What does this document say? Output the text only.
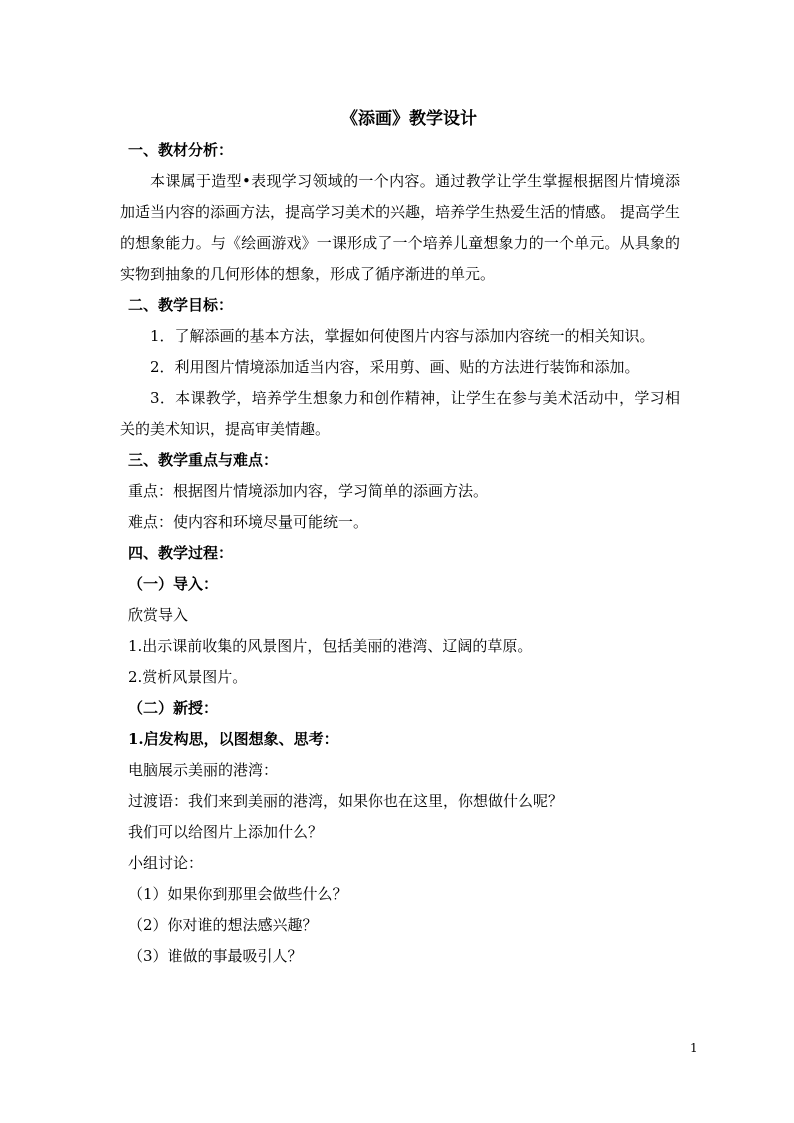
《添画》教学设计
一、教材分析：
本课属于造型•表现学习领域的一个内容。通过教学让学生掌握根据图片情境添加适当内容的添画方法，提高学习美术的兴趣，培养学生热爱生活的情感。 提高学生的想象能力。与《绘画游戏》一课形成了一个培养儿童想象力的一个单元。从具象的实物到抽象的几何形体的想象，形成了循序渐进的单元。
二、教学目标：
1．了解添画的基本方法，掌握如何使图片内容与添加内容统一的相关知识。
2．利用图片情境添加适当内容，采用剪、画、贴的方法进行装饰和添加。
3．本课教学，培养学生想象力和创作精神，让学生在参与美术活动中，学习相关的美术知识，提高审美情趣。
三、教学重点与难点：
重点：根据图片情境添加内容，学习简单的添画方法。
难点：使内容和环境尽量可能统一。
四、教学过程：
（一）导入：
欣赏导入
1.出示课前收集的风景图片，包括美丽的港湾、辽阔的草原。
2.赏析风景图片。
（二）新授：
1.启发构思，以图想象、思考：
电脑展示美丽的港湾：
过渡语：我们来到美丽的港湾，如果你也在这里，你想做什么呢？
我们可以给图片上添加什么？
小组讨论：
（1）如果你到那里会做些什么？
（2）你对谁的想法感兴趣？
（3）谁做的事最吸引人？
1
